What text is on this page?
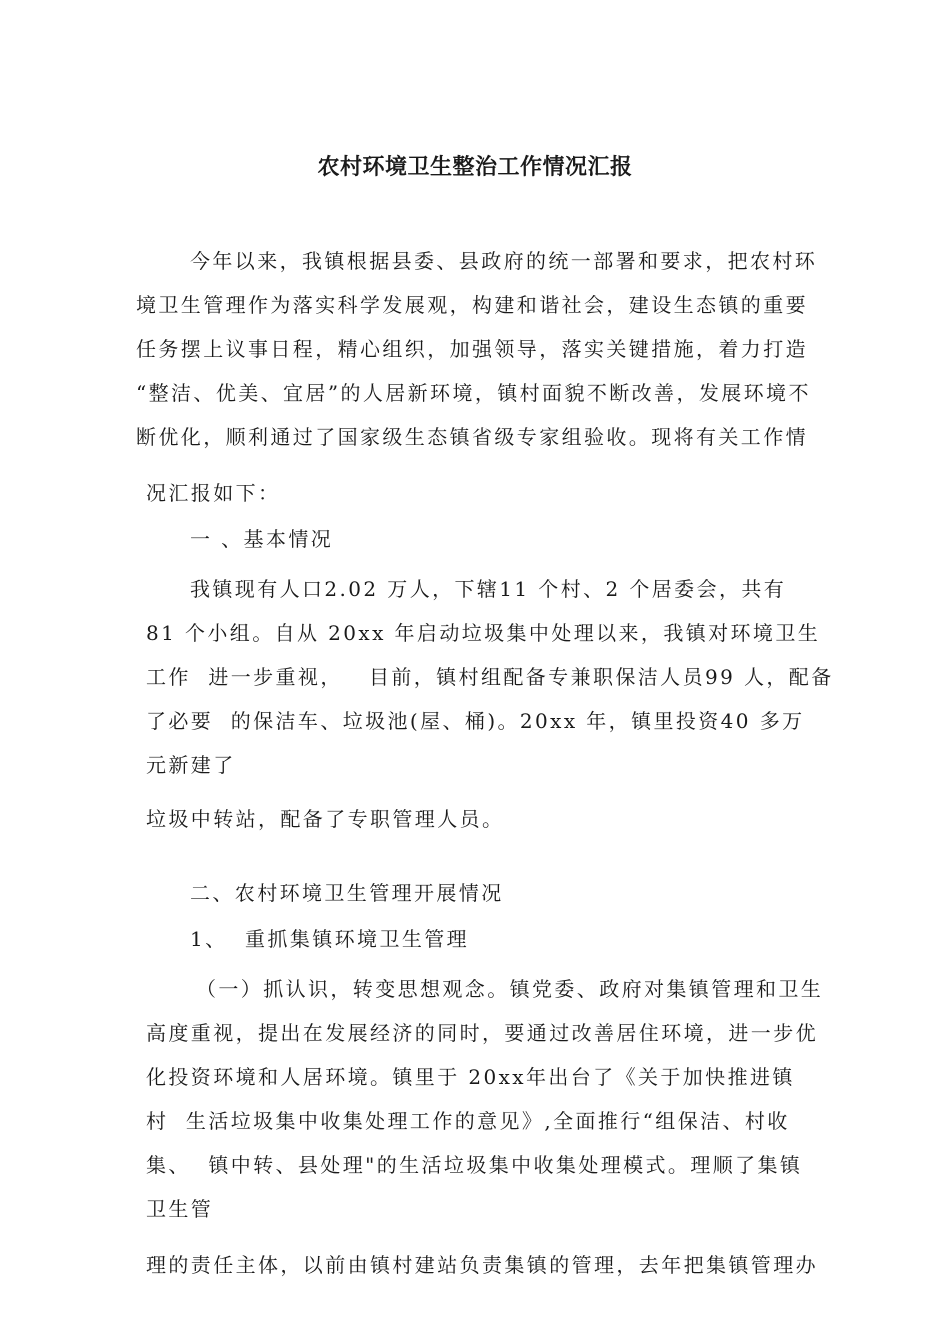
农村环境卫生整治工作情况汇报
今年以来，我镇根据县委、县政府的统一部署和要求，把农村环
境卫生管理作为落实科学发展观，构建和谐社会，建设生态镇的重要
任务摆上议事日程，精心组织，加强领导，落实关键措施，着力打造
“整洁、优美、宜居”的人居新环境，镇村面貌不断改善，发展环境不
断优化，顺利通过了国家级生态镇省级专家组验收。现将有关工作情
况汇报如下：
一 、基本情况
我镇现有人口2.02 万人，下辖11 个村、2 个居委会，共有
81 个小组。自从 20xx 年启动垃圾集中处理以来，我镇对环境卫生
工作  进一步重视，   目前，镇村组配备专兼职保洁人员99 人，配备
了必要  的保洁车、垃圾池(屋、桶)。20xx 年，镇里投资40 多万
元新建了
垃圾中转站，配备了专职管理人员。
二、农村环境卫生管理开展情况
1、  重抓集镇环境卫生管理
（一）抓认识，转变思想观念。镇党委、政府对集镇管理和卫生
高度重视，提出在发展经济的同时，要通过改善居住环境，进一步优
化投资环境和人居环境。镇里于 20xx年出台了《关于加快推进镇
村  生活垃圾集中收集处理工作的意见》,全面推行“组保洁、村收
集、  镇中转、县处理"的生活垃圾集中收集处理模式。理顺了集镇
卫生管
理的责任主体，以前由镇村建站负责集镇的管理，去年把集镇管理办
